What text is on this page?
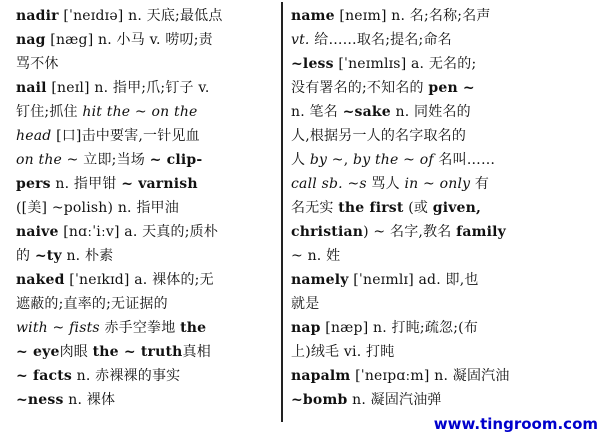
nadir [ˈneɪdɪə] n. 天底;最低点
nag [næg] n. 小马 v. 唠叨;责
骂不休
nail [neɪl] n. 指甲;爪;钉子 v.
钉住;抓住 hit the ~ on the
head [口]击中要害,一针见血
on the ~ 立即;当场 ~ clip-
pers n. 指甲钳 ~ varnish
([美] ~polish) n. 指甲油
naive [nɑːˈiːv] a. 天真的;质朴
的 ~ty n. 朴素
naked [ˈneɪkɪd] a. 裸体的;无
遮蔽的;直率的;无证据的
with ~ fists 赤手空拳地 the
~ eye肉眼 the ~ truth真相
~ facts n. 赤裸裸的事实
~ness n. 裸体
name [neɪm] n. 名;名称;名声
vt. 给……取名;提名;命名
~less [ˈneɪmlɪs] a. 无名的;
没有署名的;不知名的 pen ~
n. 笔名 ~sake n. 同姓名的
人,根据另一人的名字取名的
人 by ~, by the ~ of 名叫……
call sb. ~s 骂人 in ~ only 有
名无实 the first (或 given,
christian) ~ 名字,教名 family
~ n. 姓
namely [ˈneɪmlɪ] ad. 即,也
就是
nap [næp] n. 打盹;疏忽;(布
上)绒毛 vi. 打盹
napalm [ˈneɪpɑːm] n. 凝固汽油
~bomb n. 凝固汽油弹
www.tingroom.com
